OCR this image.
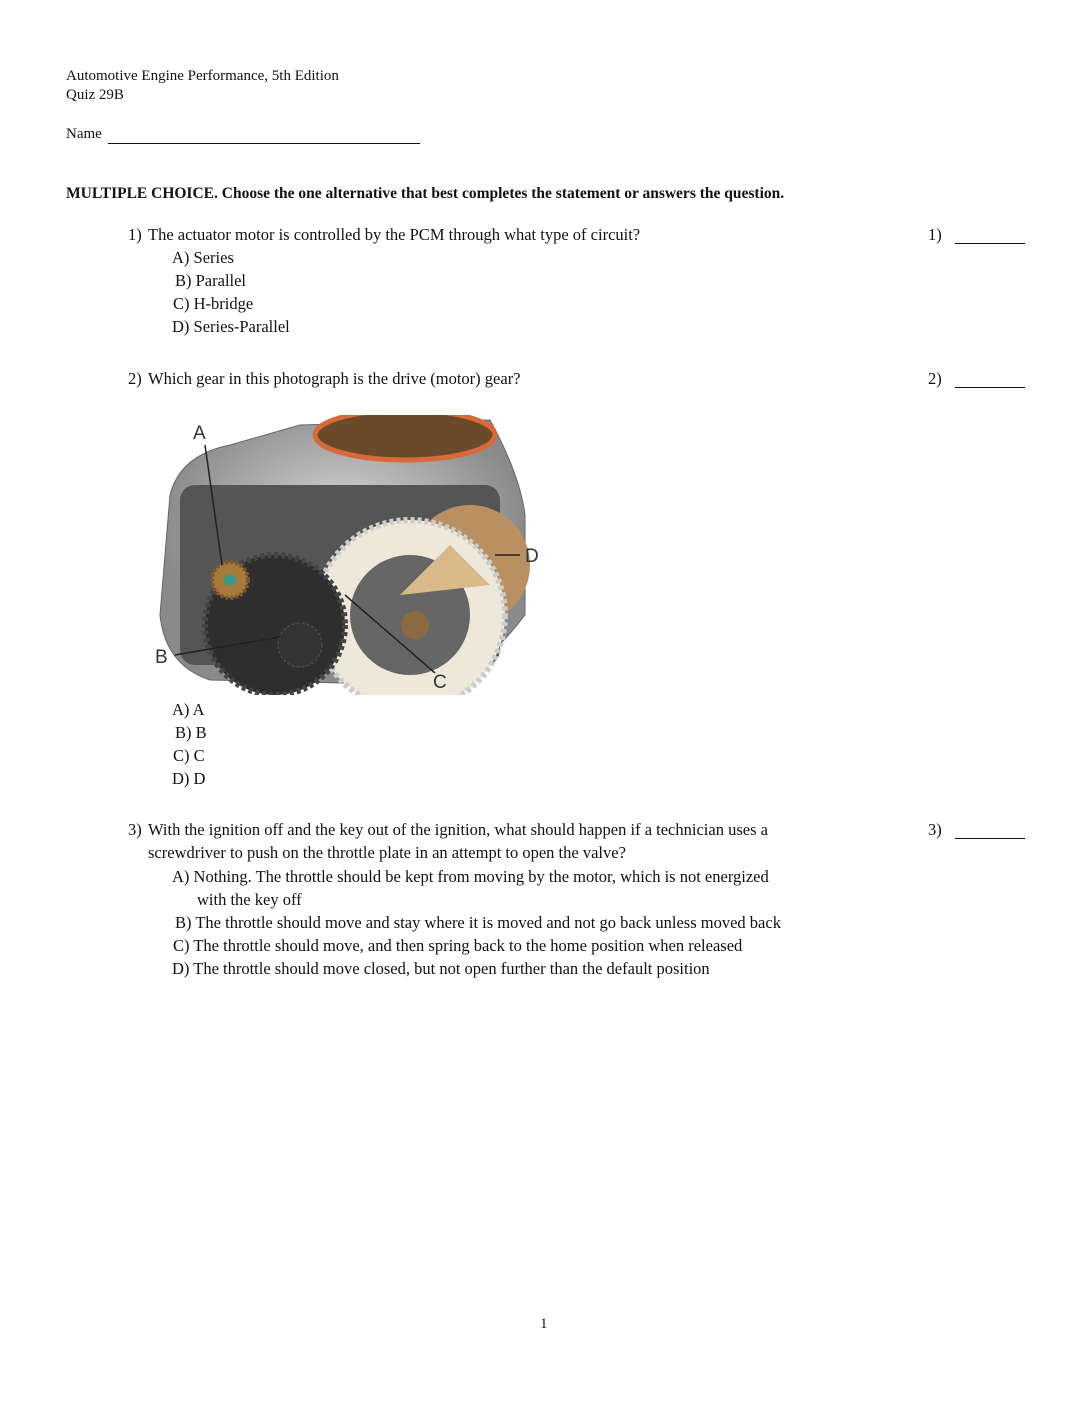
Automotive Engine Performance, 5th Edition
Quiz 29B
Name
MULTIPLE CHOICE. Choose the one alternative that best completes the statement or answers the question.
1) The actuator motor is controlled by the PCM through what type of circuit?	1)
A) Series
B) Parallel
C) H-bridge
D) Series-Parallel
2) Which gear in this photograph is the drive (motor) gear?	2)
A
B
C
D
A) A
B) B
C) C
D) D
3) With the ignition off and the key out of the ignition, what should happen if a technician uses a
screwdriver to push on the throttle plate in an attempt to open the valve?
3)
A) Nothing. The throttle should be kept from moving by the motor, which is not energized
with the key off
B) The throttle should move and stay where it is moved and not go back unless moved back
C) The throttle should move, and then spring back to the home position when released
D) The throttle should move closed, but not open further than the default position
1
